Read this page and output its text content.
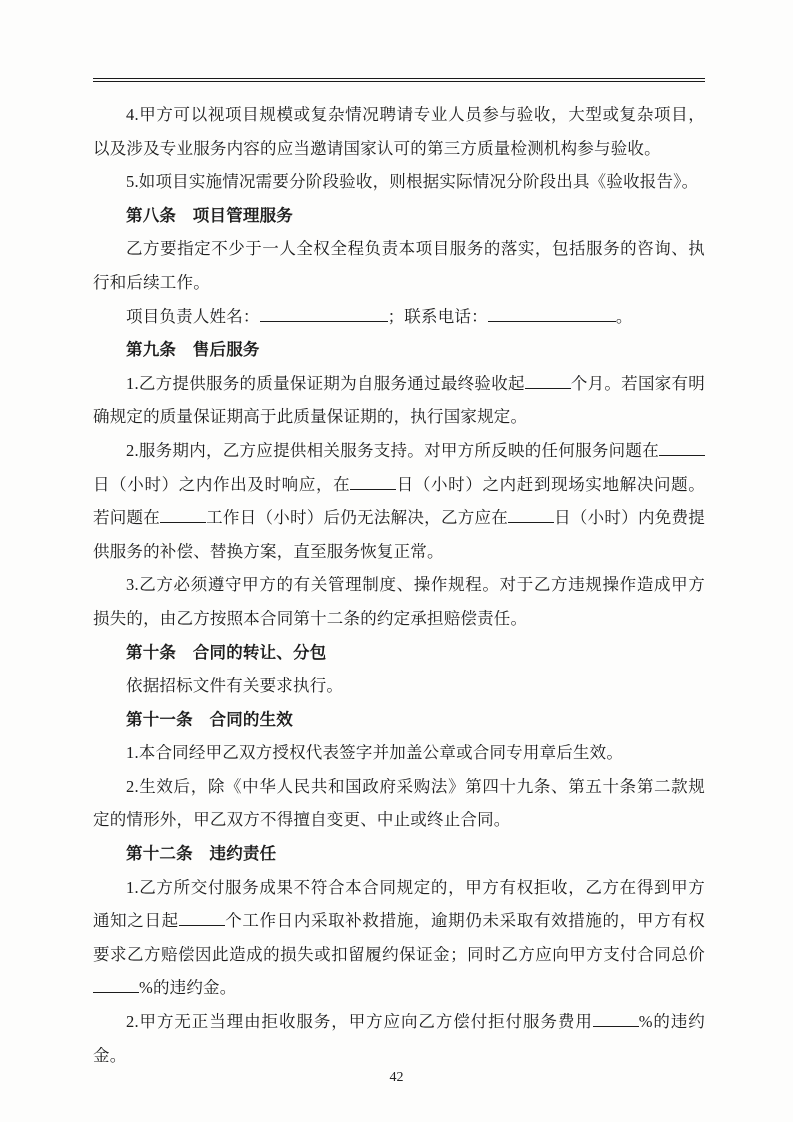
4.甲方可以视项目规模或复杂情况聘请专业人员参与验收，大型或复杂项目，以及涉及专业服务内容的应当邀请国家认可的第三方质量检测机构参与验收。

5.如项目实施情况需要分阶段验收，则根据实际情况分阶段出具《验收报告》。

第八条　项目管理服务

乙方要指定不少于一人全权全程负责本项目服务的落实，包括服务的咨询、执行和后续工作。

项目负责人姓名：	；联系电话：	。

第九条　售后服务

1.乙方提供服务的质量保证期为自服务通过最终验收起	个月。若国家有明确规定的质量保证期高于此质量保证期的，执行国家规定。

2.服务期内，乙方应提供相关服务支持。对甲方所反映的任何服务问题在日（小时）之内作出及时响应，在	日（小时）之内赶到现场实地解决问题。若问题在	工作日（小时）后仍无法解决，乙方应在	日（小时）内免费提供服务的补偿、替换方案，直至服务恢复正常。

3.乙方必须遵守甲方的有关管理制度、操作规程。对于乙方违规操作造成甲方损失的，由乙方按照本合同第十二条的约定承担赔偿责任。

第十条　合同的转让、分包

依据招标文件有关要求执行。

第十一条　合同的生效

1.本合同经甲乙双方授权代表签字并加盖公章或合同专用章后生效。

2.生效后，除《中华人民共和国政府采购法》第四十九条、第五十条第二款规定的情形外，甲乙双方不得擅自变更、中止或终止合同。

第十二条　违约责任

1.乙方所交付服务成果不符合本合同规定的，甲方有权拒收，乙方在得到甲方通知之日起	个工作日内采取补救措施，逾期仍未采取有效措施的，甲方有权要求乙方赔偿因此造成的损失或扣留履约保证金；同时乙方应向甲方支付合同总价%的违约金。

2.甲方无正当理由拒收服务，甲方应向乙方偿付拒付服务费用	%的违约金。

42
